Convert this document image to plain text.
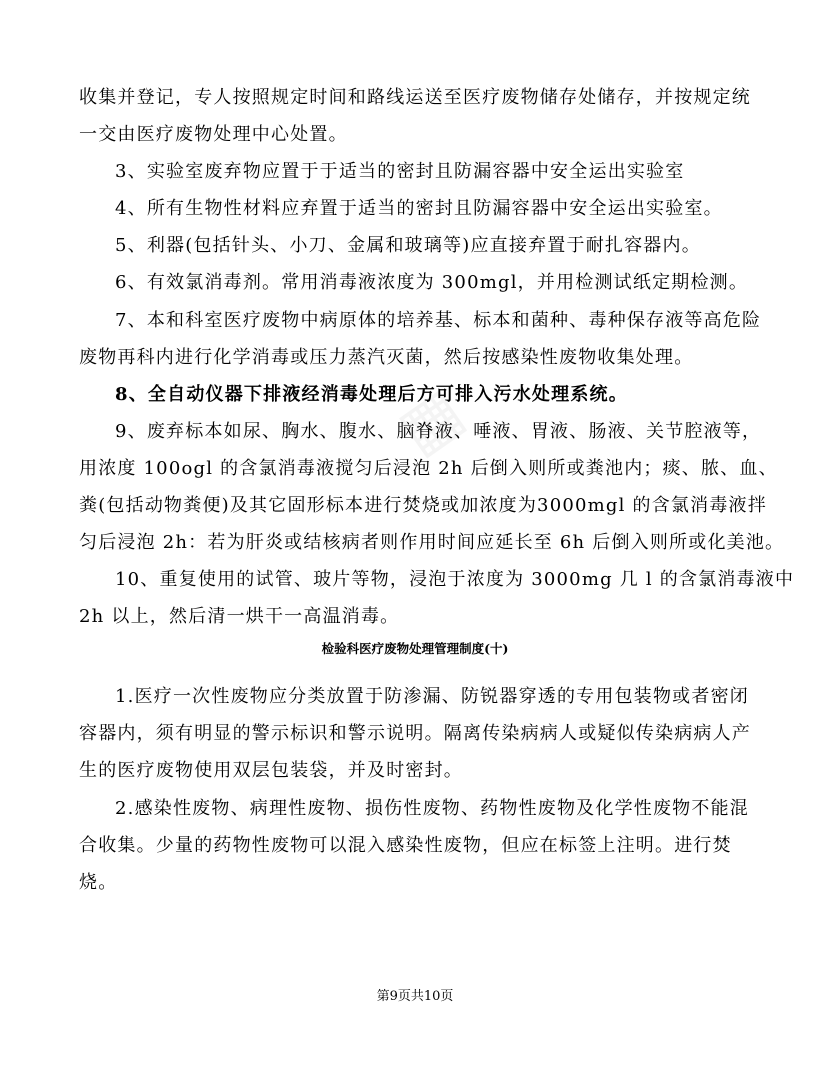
▦
收集并登记，专人按照规定时间和路线运送至医疗废物储存处储存，并按规定统
一交由医疗废物处理中心处置。
3、实验室废弃物应置于于适当的密封且防漏容器中安全运出实验室
4、所有生物性材料应弃置于适当的密封且防漏容器中安全运出实验室。
5、利器(包括针头、小刀、金属和玻璃等)应直接弃置于耐扎容器内。
6、有效氯消毒剂。常用消毒液浓度为 300mgl，并用检测试纸定期检测。
7、本和科室医疗废物中病原体的培养基、标本和菌种、毒种保存液等高危险
废物再科内进行化学消毒或压力蒸汽灭菌，然后按感染性废物收集处理。
8、全自动仪器下排液经消毒处理后方可排入污水处理系统。
9、废弃标本如尿、胸水、腹水、脑脊液、唾液、胃液、肠液、关节腔液等，
用浓度 100ogl 的含氯消毒液搅匀后浸泡 2h 后倒入则所或粪池内；痰、脓、血、
粪(包括动物粪便)及其它固形标本进行焚烧或加浓度为3000mgl 的含氯消毒液拌
匀后浸泡 2h：若为肝炎或结核病者则作用时间应延长至 6h 后倒入则所或化美池。
10、重复使用的试管、玻片等物，浸泡于浓度为 3000mg 几 l 的含氯消毒液中
2h 以上，然后清一烘干一高温消毒。
检验科医疗废物处理管理制度(十)
1.医疗一次性废物应分类放置于防渗漏、防锐器穿透的专用包装物或者密闭
容器内，须有明显的警示标识和警示说明。隔离传染病病人或疑似传染病病人产
生的医疗废物使用双层包装袋，并及时密封。
2.感染性废物、病理性废物、损伤性废物、药物性废物及化学性废物不能混
合收集。少量的药物性废物可以混入感染性废物，但应在标签上注明。进行焚
烧。
第9页共10页
